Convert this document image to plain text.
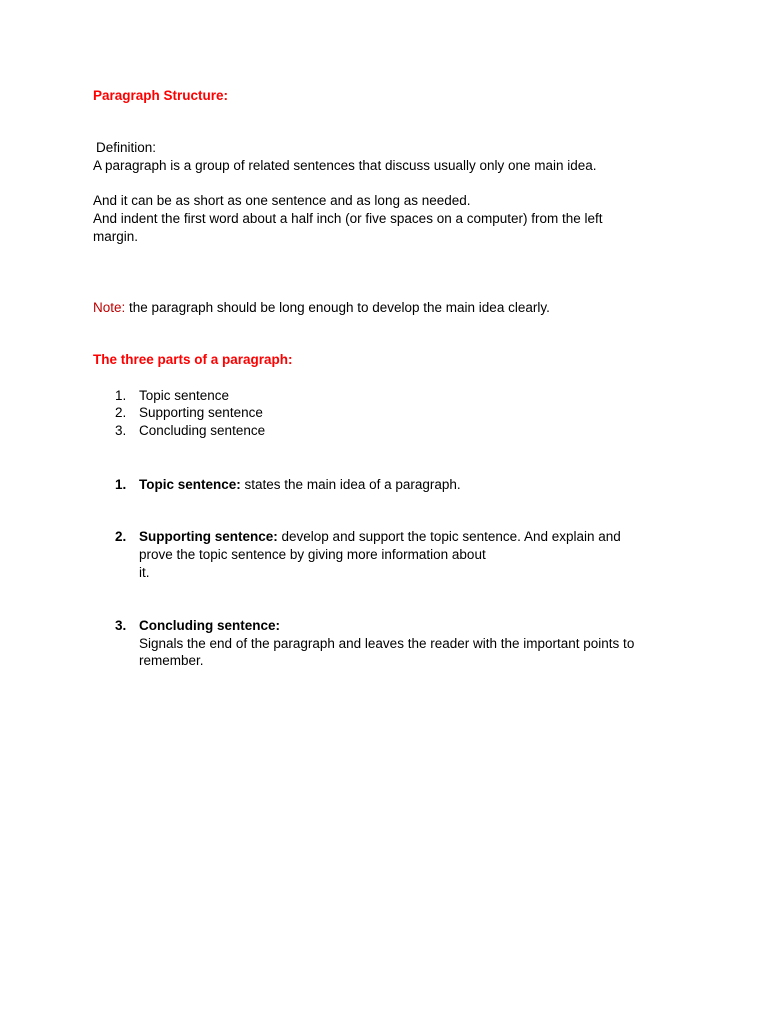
Paragraph Structure:
Definition:
A paragraph is a group of related sentences that discuss usually only one main idea.
And it can be as short as one sentence and as long as needed.
And indent the first word about a half inch (or five spaces on a computer) from the left
margin.
Note: the paragraph should be long enough to develop the main idea clearly.
The three parts of a paragraph:
1. Topic sentence
2. Supporting sentence
3. Concluding sentence
1. Topic sentence: states the main idea of a paragraph.
2. Supporting sentence: develop and support the topic sentence. And explain and
prove the topic sentence by giving more information about
it.
3. Concluding sentence:
Signals the end of the paragraph and leaves the reader with the important points to
remember.
